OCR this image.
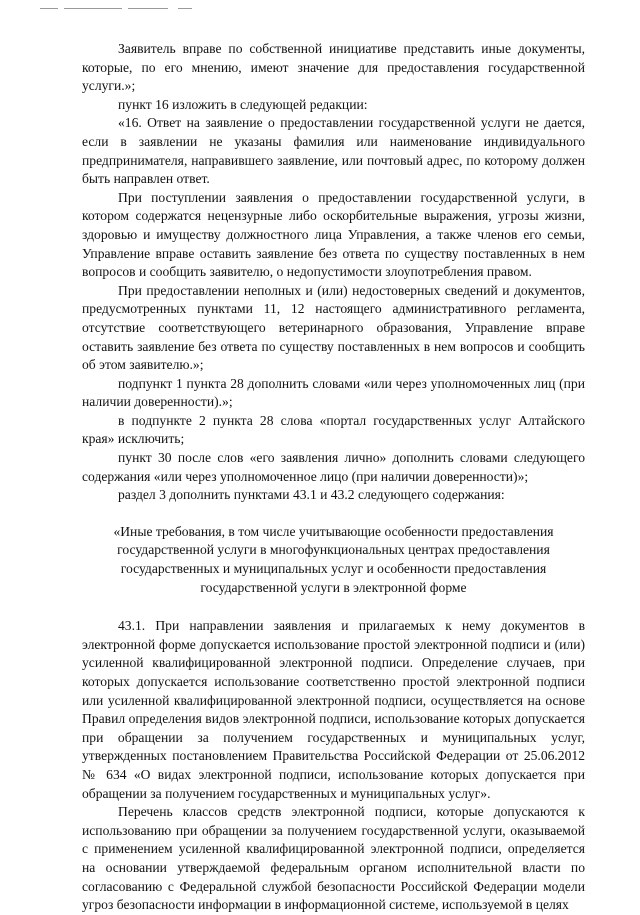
Заявитель вправе по собственной инициативе представить иные документы, которые, по его мнению, имеют значение для предоставления государственной услуги.»;

пункт 16 изложить в следующей редакции:

«16. Ответ на заявление о предоставлении государственной услуги не дается, если в заявлении не указаны фамилия или наименование индивидуального предпринимателя, направившего заявление, или почтовый адрес, по которому должен быть направлен ответ.

При поступлении заявления о предоставлении государственной услуги, в котором содержатся нецензурные либо оскорбительные выражения, угрозы жизни, здоровью и имуществу должностного лица Управления, а также членов его семьи, Управление вправе оставить заявление без ответа по существу поставленных в нем вопросов и сообщить заявителю, о недопустимости злоупотребления правом.

При предоставлении неполных и (или) недостоверных сведений и документов, предусмотренных пунктами 11, 12 настоящего административного регламента, отсутствие соответствующего ветеринарного образования, Управление вправе оставить заявление без ответа по существу поставленных в нем вопросов и сообщить об этом заявителю.»;

подпункт 1 пункта 28 дополнить словами «или через уполномоченных лиц (при наличии доверенности).»;

в подпункте 2 пункта 28 слова «портал государственных услуг Алтайского края» исключить;

пункт 30 после слов «его заявления лично» дополнить словами следующего содержания «или через уполномоченное лицо (при наличии доверенности)»;

раздел 3 дополнить пунктами 43.1 и 43.2 следующего содержания:

«Иные требования, в том числе учитывающие особенности предоставления государственной услуги в многофункциональных центрах предоставления государственных и муниципальных услуг и особенности предоставления государственной услуги в электронной форме

43.1. При направлении заявления и прилагаемых к нему документов в электронной форме допускается использование простой электронной подписи и (или) усиленной квалифицированной электронной подписи. Определение случаев, при которых допускается использование соответственно простой электронной подписи или усиленной квалифицированной электронной подписи, осуществляется на основе Правил определения видов электронной подписи, использование которых допускается при обращении за получением государственных и муниципальных услуг, утвержденных постановлением Правительства Российской Федерации от 25.06.2012 № 634 «О видах электронной подписи, использование которых допускается при обращении за получением государственных и муниципальных услуг».

Перечень классов средств электронной подписи, которые допускаются к использованию при обращении за получением государственной услуги, оказываемой с применением усиленной квалифицированной электронной подписи, определяется на основании утверждаемой федеральным органом исполнительной власти по согласованию с Федеральной службой безопасности Российской Федерации модели угроз безопасности информации в информационной системе, используемой в целях
